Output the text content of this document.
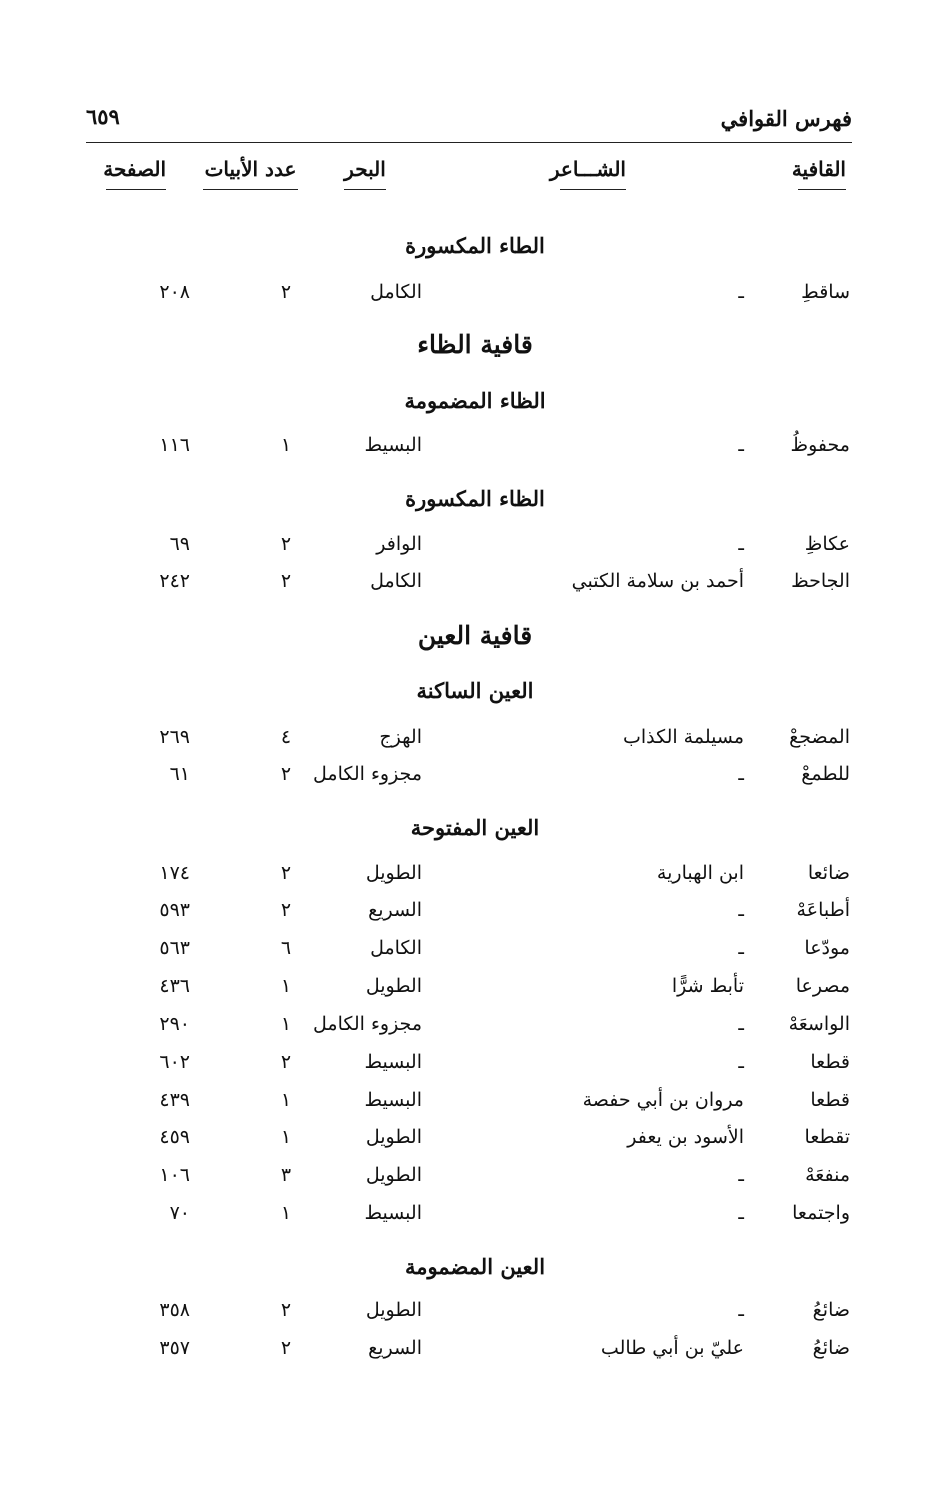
٦٥٩	فهرس القوافي
القافية
الشـــاعر
البحر
عدد الأبيات
الصفحة
الطاء المكسورة
ساقطِ
ـ
الكامل
٢
٢٠٨
قافية الظاء
الظاء المضمومة
محفوظُ
ـ
البسيط
١
١١٦
الظاء المكسورة
عكاظِ
ـ
الوافر
٢
٦٩
الجاحظ
أحمد بن سلامة الكتبي
الكامل
٢
٢٤٢
قافية العين
العين الساكنة
المضجعْ
مسيلمة الكذاب
الهزج
٤
٢٦٩
للطمعْ
ـ
مجزوء الكامل
٢
٦١
العين المفتوحة
ضائعا
ابن الهبارية
الطويل
٢
١٧٤
أطباعَهْ
ـ
السريع
٢
٥٩٣
مودّعا
ـ
الكامل
٦
٥٦٣
مصرعا
تأبط شرًّا
الطويل
١
٤٣٦
الواسعَهْ
ـ
مجزوء الكامل
١
٢٩٠
قطعا
ـ
البسيط
٢
٦٠٢
قطعا
مروان بن أبي حفصة
البسيط
١
٤٣٩
تقطعا
الأسود بن يعفر
الطويل
١
٤٥٩
منفعَهْ
ـ
الطويل
٣
١٠٦
واجتمعا
ـ
البسيط
١
٧٠
العين المضمومة
ضائعُ
ـ
الطويل
٢
٣٥٨
ضائعُ
عليّ بن أبي طالب
السريع
٢
٣٥٧
